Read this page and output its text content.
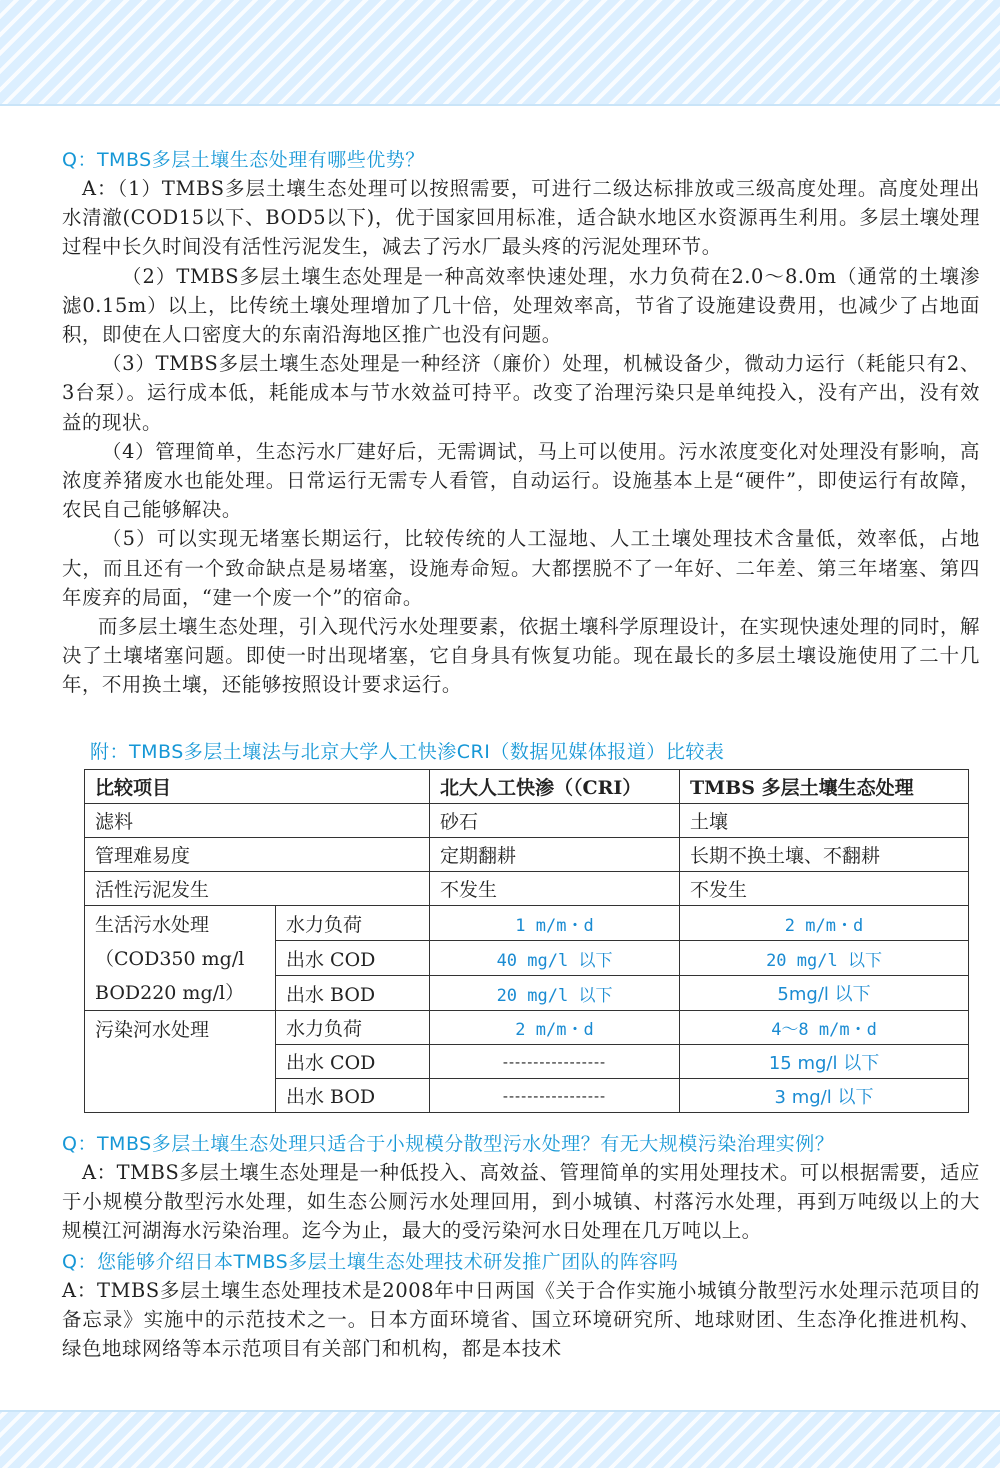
Q：TMBS多层土壤生态处理有哪些优势？

A：（1）TMBS多层土壤生态处理可以按照需要，可进行二级达标排放或三级高度处理。高度处理出水清澈(COD15以下、BOD5以下)，优于国家回用标准，适合缺水地区水资源再生利用。多层土壤处理过程中长久时间没有活性污泥发生，减去了污水厂最头疼的污泥处理环节。

（2）TMBS多层土壤生态处理是一种高效率快速处理，水力负荷在2.0～8.0m（通常的土壤渗滤0.15m）以上，比传统土壤处理增加了几十倍，处理效率高，节省了设施建设费用，也减少了占地面积，即使在人口密度大的东南沿海地区推广也没有问题。

（3）TMBS多层土壤生态处理是一种经济（廉价）处理，机械设备少，微动力运行（耗能只有2、3台泵）。运行成本低，耗能成本与节水效益可持平。改变了治理污染只是单纯投入，没有产出，没有效益的现状。

（4）管理简单，生态污水厂建好后，无需调试，马上可以使用。污水浓度变化对处理没有影响，高浓度养猪废水也能处理。日常运行无需专人看管，自动运行。设施基本上是“硬件”，即使运行有故障，农民自己能够解决。

（5）可以实现无堵塞长期运行，比较传统的人工湿地、人工土壤处理技术含量低，效率低，占地大，而且还有一个致命缺点是易堵塞，设施寿命短。大都摆脱不了一年好、二年差、第三年堵塞、第四年废弃的局面，“建一个废一个”的宿命。

而多层土壤生态处理，引入现代污水处理要素，依据土壤科学原理设计，在实现快速处理的同时，解决了土壤堵塞问题。即使一时出现堵塞，它自身具有恢复功能。现在最长的多层土壤设施使用了二十几年，不用换土壤，还能够按照设计要求运行。

附：TMBS多层土壤法与北京大学人工快渗CRI（数据见媒体报道）比较表
比较项目		北大人工快渗（（CRI）	TMBS 多层土壤生态处理
滤料		砂石	土壤
管理难易度		定期翻耕	长期不换土壤、不翻耕
活性污泥发生		不发生	不发生

生活污水处理
（COD350 mg/l
BOD220 mg/l）	水力负荷	1 m/m・d	2 m/m・d
	出水 COD	40 mg/l 以下	20 mg/l 以下
	出水 BOD	20 mg/l 以下	5mg/l 以下
污染河水处理	水力负荷	2 m/m・d	4～8 m/m・d
	出水 COD	-----------------	15 mg/l 以下
	出水 BOD	-----------------	3 mg/l 以下

Q：TMBS多层土壤生态处理只适合于小规模分散型污水处理？有无大规模污染治理实例？

A：TMBS多层土壤生态处理是一种低投入、高效益、管理简单的实用处理技术。可以根据需要，适应于小规模分散型污水处理，如生态公厕污水处理回用，到小城镇、村落污水处理，再到万吨级以上的大规模江河湖海水污染治理。迄今为止，最大的受污染河水日处理在几万吨以上。

Q：您能够介绍日本TMBS多层土壤生态处理技术研发推广团队的阵容吗

A：TMBS多层土壤生态处理技术是2008年中日两国《关于合作实施小城镇分散型污水处理示范项目的备忘录》实施中的示范技术之一。日本方面环境省、国立环境研究所、地球财团、生态净化推进机构、绿色地球网络等本示范项目有关部门和机构，都是本技术
